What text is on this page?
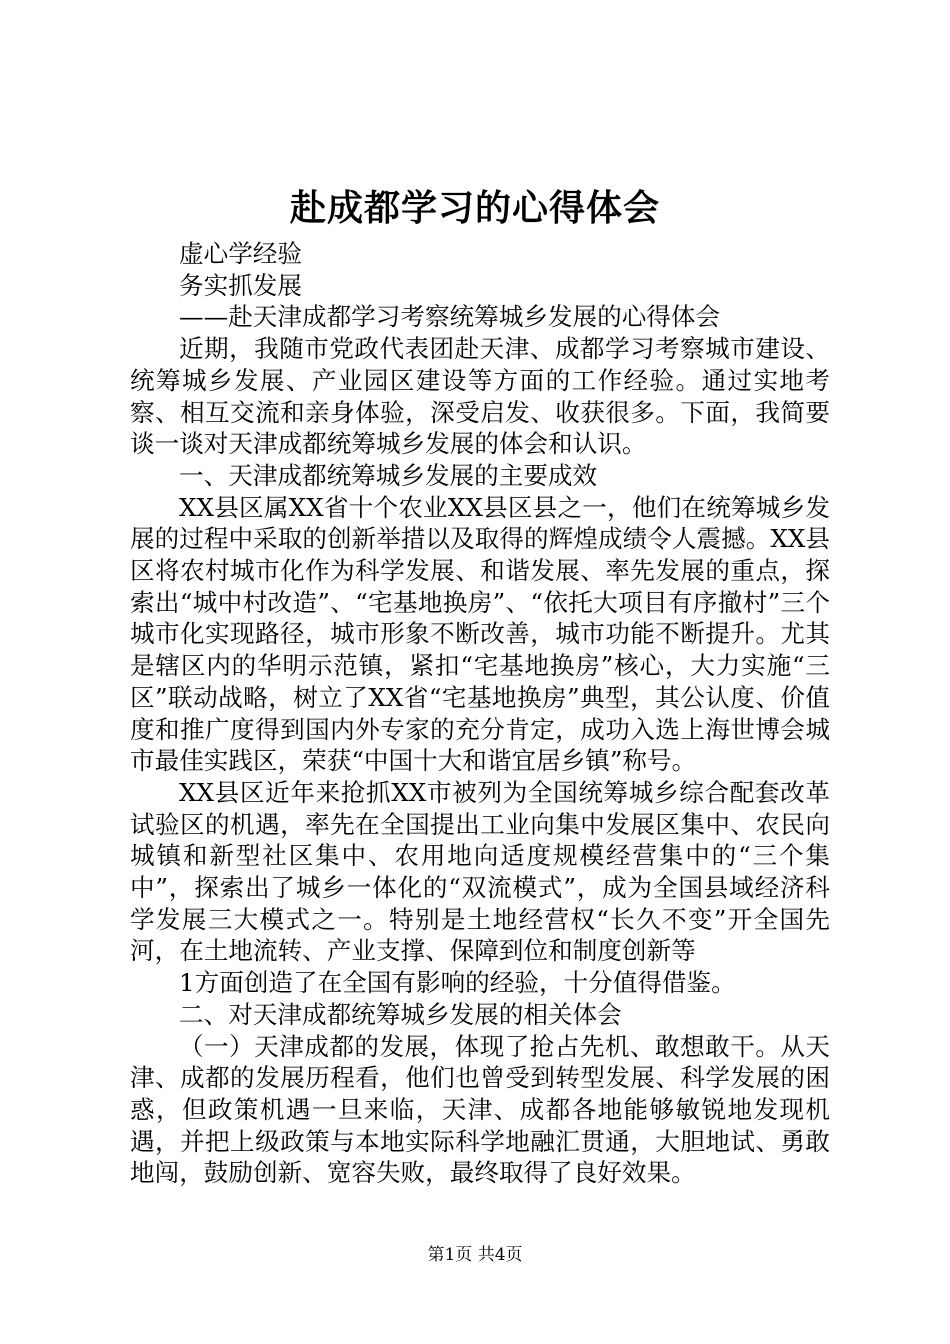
赴成都学习的心得体会

虚心学经验

务实抓发展

——赴天津成都学习考察统筹城乡发展的心得体会

近期，我随市党政代表团赴天津、成都学习考察城市建设、统筹城乡发展、产业园区建设等方面的工作经验。通过实地考察、相互交流和亲身体验，深受启发、收获很多。下面，我简要谈一谈对天津成都统筹城乡发展的体会和认识。

一、天津成都统筹城乡发展的主要成效

XX县区属XX省十个农业XX县区县之一，他们在统筹城乡发展的过程中采取的创新举措以及取得的辉煌成绩令人震撼。XX县区将农村城市化作为科学发展、和谐发展、率先发展的重点，探索出“城中村改造”、“宅基地换房”、“依托大项目有序撤村”三个城市化实现路径，城市形象不断改善，城市功能不断提升。尤其是辖区内的华明示范镇，紧扣“宅基地换房”核心，大力实施“三区”联动战略，树立了XX省“宅基地换房”典型，其公认度、价值度和推广度得到国内外专家的充分肯定，成功入选上海世博会城市最佳实践区，荣获“中国十大和谐宜居乡镇”称号。

XX县区近年来抢抓XX市被列为全国统筹城乡综合配套改革试验区的机遇，率先在全国提出工业向集中发展区集中、农民向城镇和新型社区集中、农用地向适度规模经营集中的“三个集中”，探索出了城乡一体化的“双流模式”，成为全国县域经济科学发展三大模式之一。特别是土地经营权“长久不变”开全国先河，在土地流转、产业支撑、保障到位和制度创新等

1方面创造了在全国有影响的经验，十分值得借鉴。

二、对天津成都统筹城乡发展的相关体会

（一）天津成都的发展，体现了抢占先机、敢想敢干。从天津、成都的发展历程看，他们也曾受到转型发展、科学发展的困惑，但政策机遇一旦来临，天津、成都各地能够敏锐地发现机遇，并把上级政策与本地实际科学地融汇贯通，大胆地试、勇敢地闯，鼓励创新、宽容失败，最终取得了良好效果。

第1页 共4页
